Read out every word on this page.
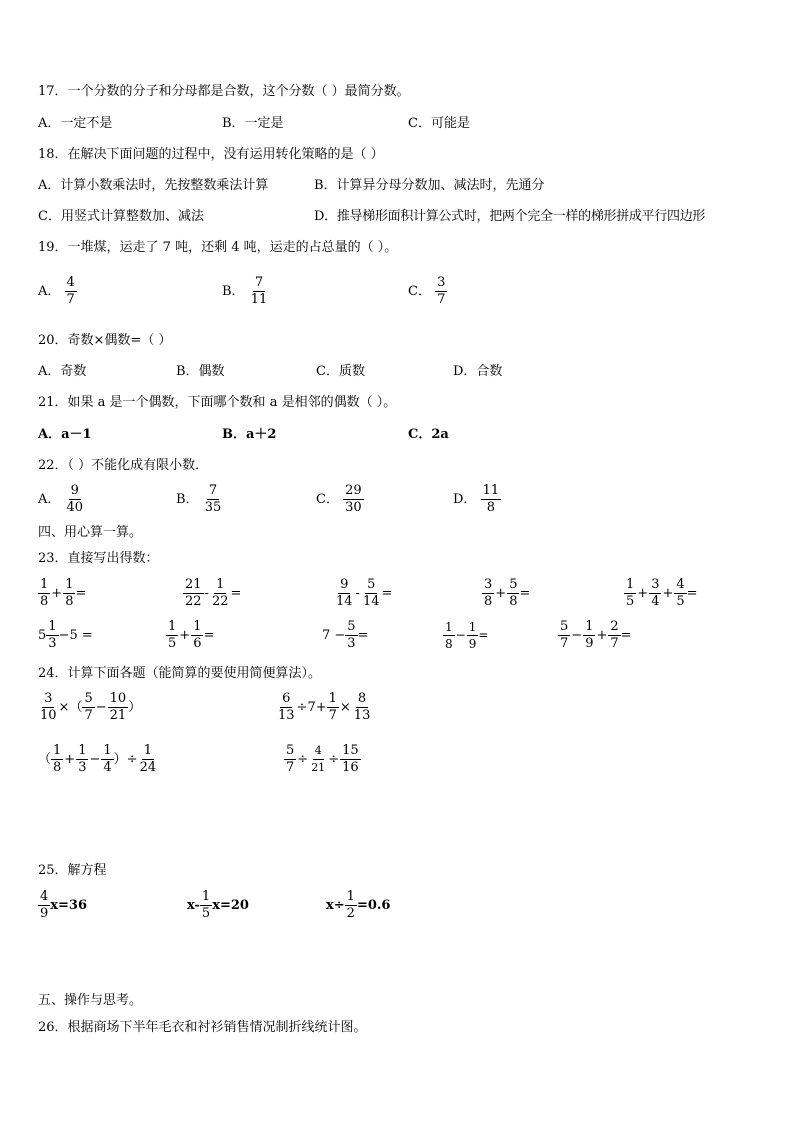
17．一个分数的分子和分母都是合数，这个分数（ ）最简分数。
A．一定不是	B．一定是	C．可能是
18．在解决下面问题的过程中，没有运用转化策略的是（ ）
A．计算小数乘法时，先按整数乘法计算	B．计算异分母分数加、减法时，先通分
C．用竖式计算整数加、减法	D．推导梯形面积计算公式时，把两个完全一样的梯形拼成平行四边形
19．一堆煤，运走了 7 吨，还剩 4 吨，运走的占总量的（ ）。
A． $\frac{4}{7}$	B． $\frac{7}{11}$	C． $\frac{3}{7}$
20．奇数×偶数=（ ）
A．奇数	B．偶数	C．质数	D．合数
21．如果 a 是一个偶数，下面哪个数和 a 是相邻的偶数（ ）。
A．a－1	B．a＋2	C．2a
22．（ ）不能化成有限小数．
A． $\frac{9}{40}$	B． $\frac{7}{35}$	C． $\frac{29}{30}$	D． $\frac{11}{8}$
四、用心算一算。
23．直接写出得数：
$\frac{1}{8} + \frac{1}{8}$ =	$\frac{21}{22} - \frac{1}{22}$ =	$\frac{9}{14} - \frac{5}{14}$ =	$\frac{3}{8} + \frac{5}{8}$ =	$\frac{1}{5} + \frac{3}{4} + \frac{4}{5}$ =
$5 \frac{1}{3} -5$ =	$\frac{1}{5} + \frac{1}{6}$ =	$7 - \frac{5}{3}$ =	$\frac{1}{8} - \frac{1}{9}$ =	$\frac{5}{7} - \frac{1}{9} + \frac{2}{7}$ =
24．计算下面各题（能简算的要使用简便算法）。
$\frac{3}{10}$ ×（ $\frac{5}{7} - \frac{10}{21}$ ）	$\frac{6}{13} \div 7+ \frac{1}{7} \times \frac{8}{13}$
（ $\frac{1}{8} + \frac{1}{3} - \frac{1}{4}$ ）÷ $\frac{1}{24}$	$\frac{5}{7} \div \frac{4}{21} \div \frac{15}{16}$
25．解方程
$\frac{4}{9} x=36$	$x- \frac{1}{5} x=20$	$x\div \frac{1}{2} =0.6$
五、操作与思考。
26．根据商场下半年毛衣和衬衫销售情况制折线统计图。
